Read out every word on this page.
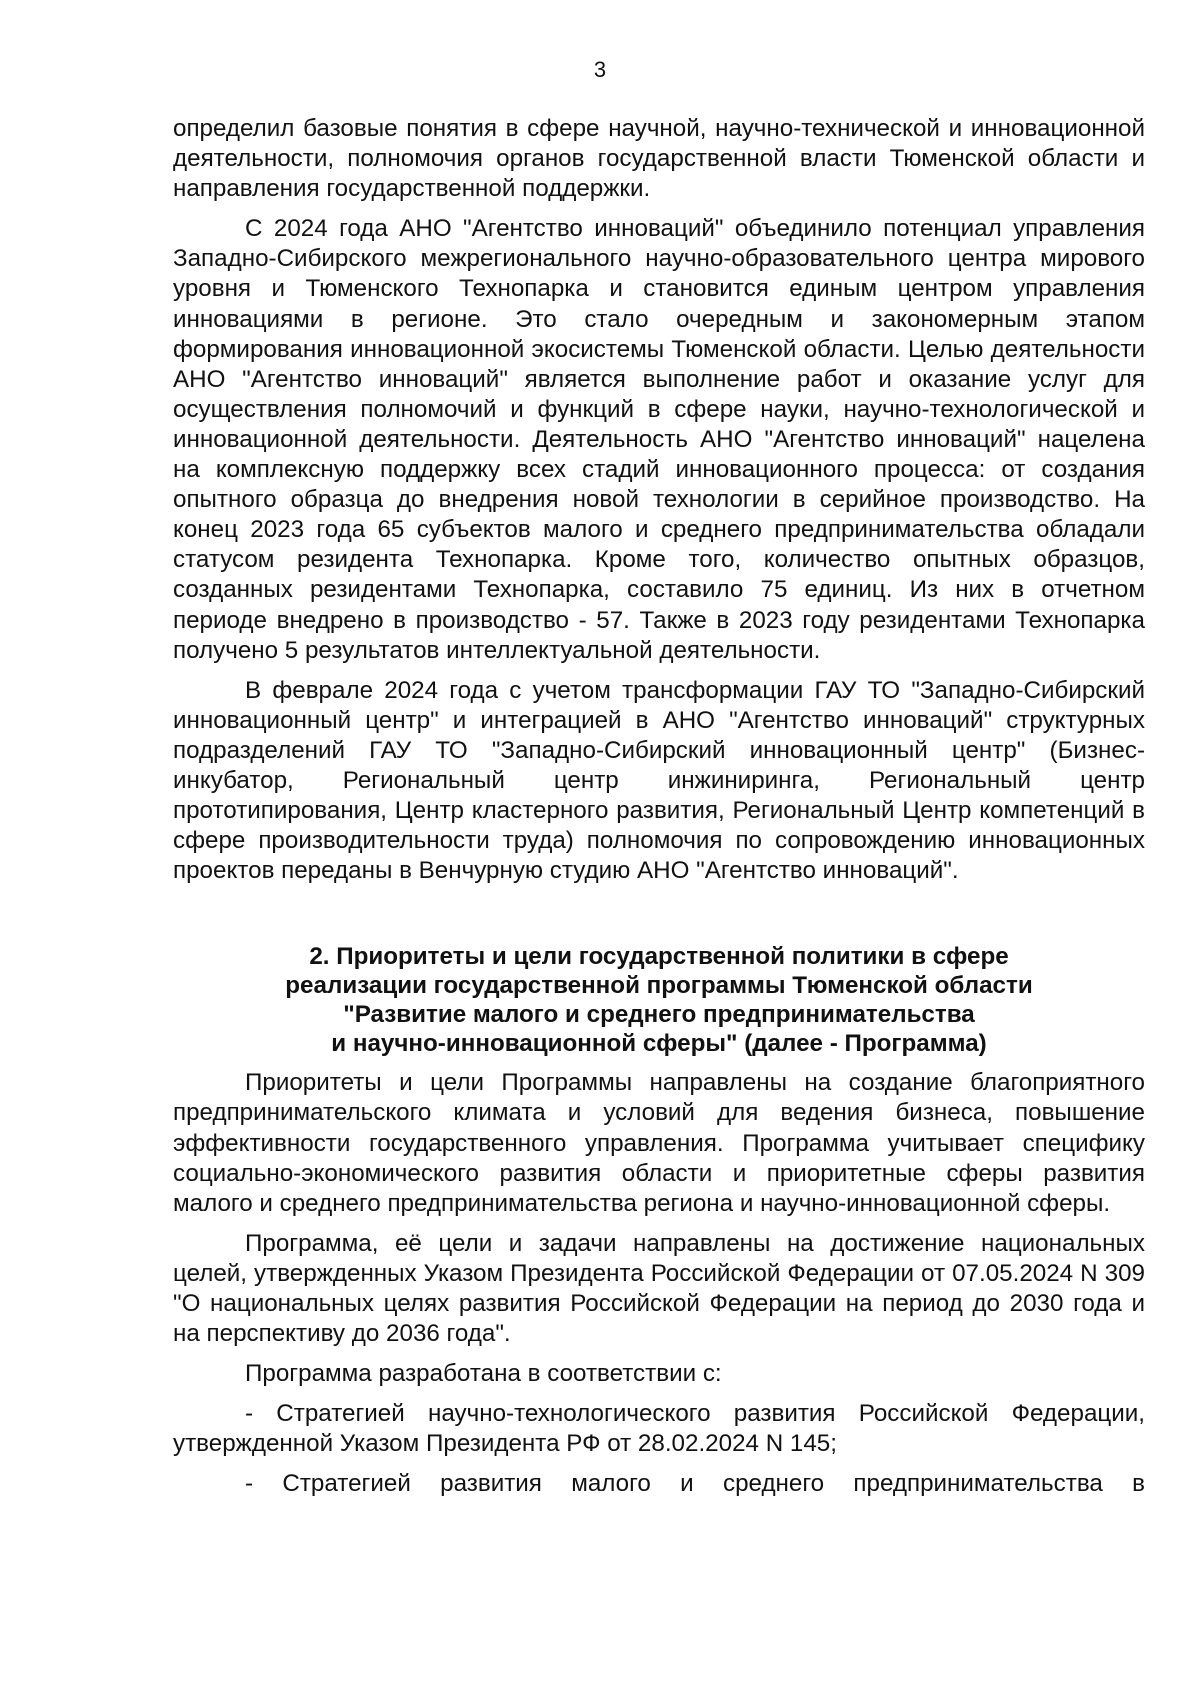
3

определил базовые понятия в сфере научной, научно-технической и инновационной деятельности, полномочия органов государственной власти Тюменской области и направления государственной поддержки.

С 2024 года АНО "Агентство инноваций" объединило потенциал управления Западно-Сибирского межрегионального научно-образовательного центра мирового уровня и Тюменского Технопарка и становится единым центром управления инновациями в регионе. Это стало очередным и закономерным этапом формирования инновационной экосистемы Тюменской области. Целью деятельности АНО "Агентство инноваций" является выполнение работ и оказание услуг для осуществления полномочий и функций в сфере науки, научно-технологической и инновационной деятельности. Деятельность АНО "Агентство инноваций" нацелена на комплексную поддержку всех стадий инновационного процесса: от создания опытного образца до внедрения новой технологии в серийное производство. На конец 2023 года 65 субъектов малого и среднего предпринимательства обладали статусом резидента Технопарка. Кроме того, количество опытных образцов, созданных резидентами Технопарка, составило 75 единиц. Из них в отчетном периоде внедрено в производство - 57. Также в 2023 году резидентами Технопарка получено 5 результатов интеллектуальной деятельности.

В феврале 2024 года с учетом трансформации ГАУ ТО "Западно-Сибирский инновационный центр" и интеграцией в АНО "Агентство инноваций" структурных подразделений ГАУ ТО "Западно-Сибирский инновационный центр" (Бизнес-инкубатор, Региональный центр инжиниринга, Региональный центр прототипирования, Центр кластерного развития, Региональный Центр компетенций в сфере производительности труда) полномочия по сопровождению инновационных проектов переданы в Венчурную студию АНО "Агентство инноваций".

2. Приоритеты и цели государственной политики в сфере
реализации государственной программы Тюменской области
"Развитие малого и среднего предпринимательства
и научно-инновационной сферы" (далее - Программа)

Приоритеты и цели Программы направлены на создание благоприятного предпринимательского климата и условий для ведения бизнеса, повышение эффективности государственного управления. Программа учитывает специфику социально-экономического развития области и приоритетные сферы развития малого и среднего предпринимательства региона и научно-инновационной сферы.

Программа, её цели и задачи направлены на достижение национальных целей, утвержденных Указом Президента Российской Федерации от 07.05.2024 N 309 "О национальных целях развития Российской Федерации на период до 2030 года и на перспективу до 2036 года".

Программа разработана в соответствии с:

- Стратегией научно-технологического развития Российской Федерации, утвержденной Указом Президента РФ от 28.02.2024 N 145;

- Стратегией развития малого и среднего предпринимательства в
